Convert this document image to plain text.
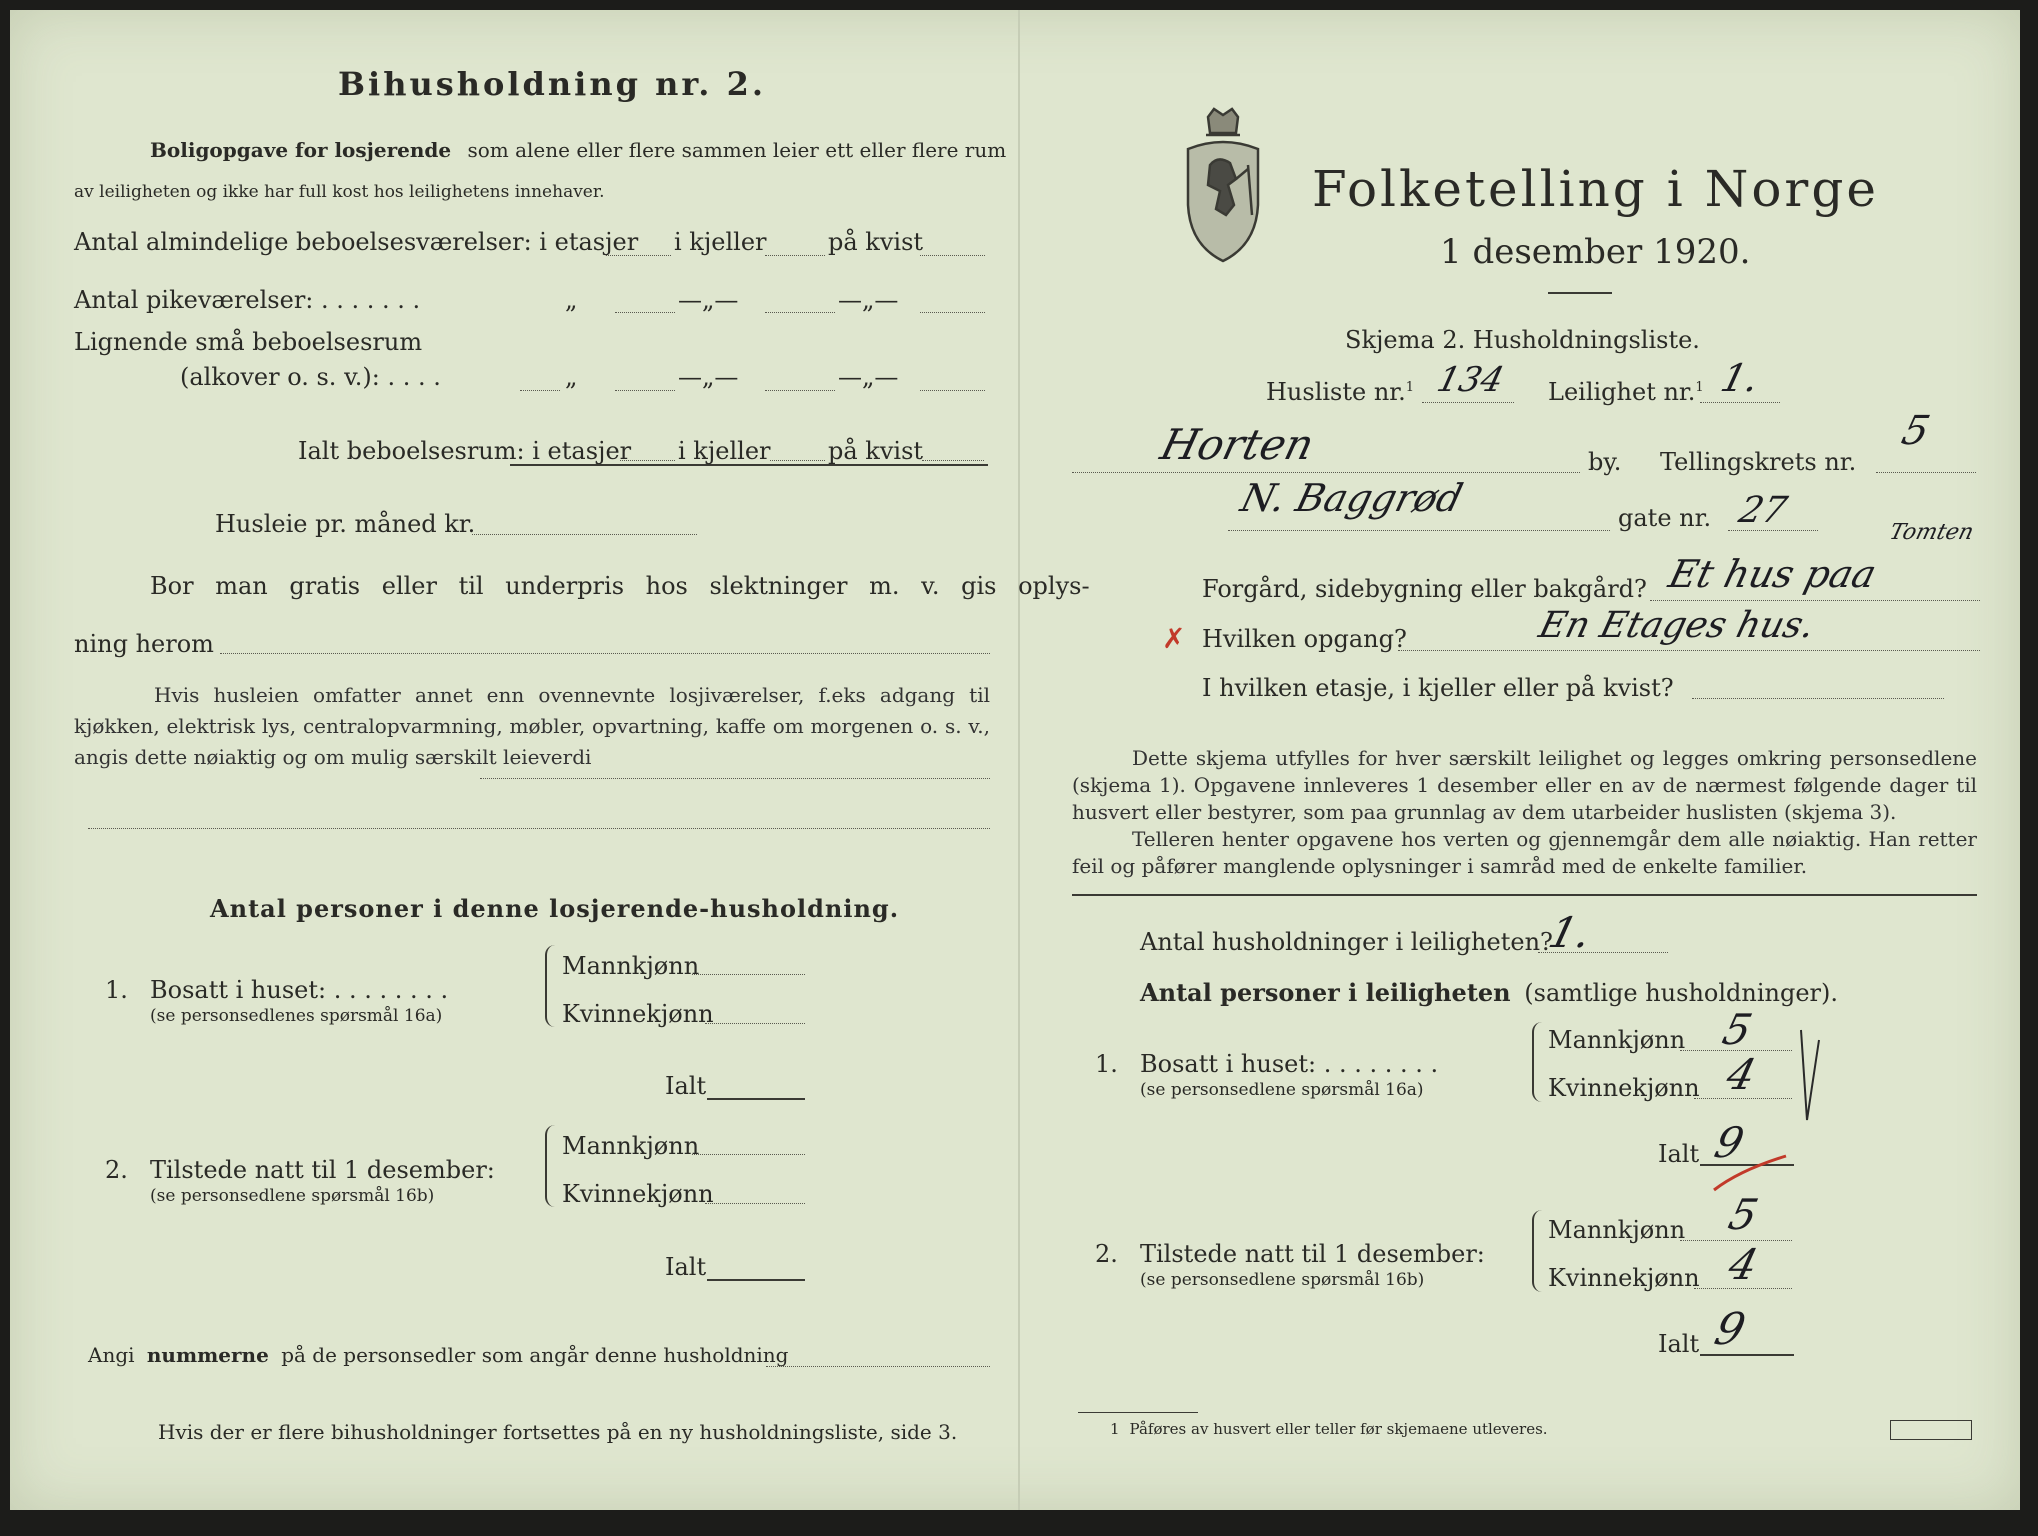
Bihusholdning nr. 2.
Boligopgave for losjerende som alene eller flere sammen leier ett eller flere rum
av leiligheten og ikke har full kost hos leilighetens innehaver.
Antal almindelige beboelsesværelser: i etasjer i kjeller	på kvist
Antal pikeværelser: . . . . . . .	„	—„—	—„—
Lignende små beboelsesrum
(alkover o. s. v.): . . . .	„	—„—	—„—
Ialt beboelsesrum: i etasjer i kjeller på kvist
Husleie pr. måned kr.
Bor man gratis eller til underpris hos slektninger m. v. gis oplys-
ning herom
Hvis husleien omfatter annet enn ovennevnte losjiværelser, f.eks adgang til kjøkken, elektrisk lys, centralopvarmning, møbler, opvartning, kaffe om morgenen o. s. v., angis dette nøiaktig og om mulig særskilt leieverdi
Antal personer i denne losjerende-husholdning.
1. Bosatt i huset: . . . . . . . .
(se personsedlenes spørsmål 16a)
Mannkjønn
Kvinnekjønn
Ialt
2. Tilstede natt til 1 desember:
(se personsedlene spørsmål 16b)
Mannkjønn
Kvinnekjønn
Ialt
Angi nummerne på de personsedler som angår denne husholdning
Hvis der er flere bihusholdninger fortsettes på en ny husholdningsliste, side 3.
Folketelling i Norge
1 desember 1920.
Skjema 2. Husholdningsliste.
Husliste nr.$^1$ 134 Leilighet nr.$^1$ 1.
Horten	by. Tellingskrets nr.
5
N. Baggrød	gate nr. 27
Forgård, sidebygning eller bakgård? Et hus paa
Tomten
✗ Hvilken opgang?	En Etages hus.
I hvilken etasje, i kjeller eller på kvist?
Dette skjema utfylles for hver særskilt leilighet og legges omkring personsedlene (skjema 1). Opgavene innleveres 1 desember eller en av de nærmest følgende dager til husvert eller bestyrer, som paa grunnlag av dem utarbeider huslisten (skjema 3).
Telleren henter opgavene hos verten og gjennemgår dem alle nøiaktig. Han retter feil og påfører manglende oplysninger i samråd med de enkelte familier.
Antal husholdninger i leiligheten?
1.
Antal personer i leiligheten (samtlige husholdninger).
1. Bosatt i huset: . . . . . . . .
(se personsedlene spørsmål 16a)
Mannkjønn 5
Kvinnekjønn 4
Ialt 9
2. Tilstede natt til 1 desember:
(se personsedlene spørsmål 16b)
Mannkjønn 5
Kvinnekjønn 4
Ialt 9
1 Påføres av husvert eller teller før skjemaene utleveres.
